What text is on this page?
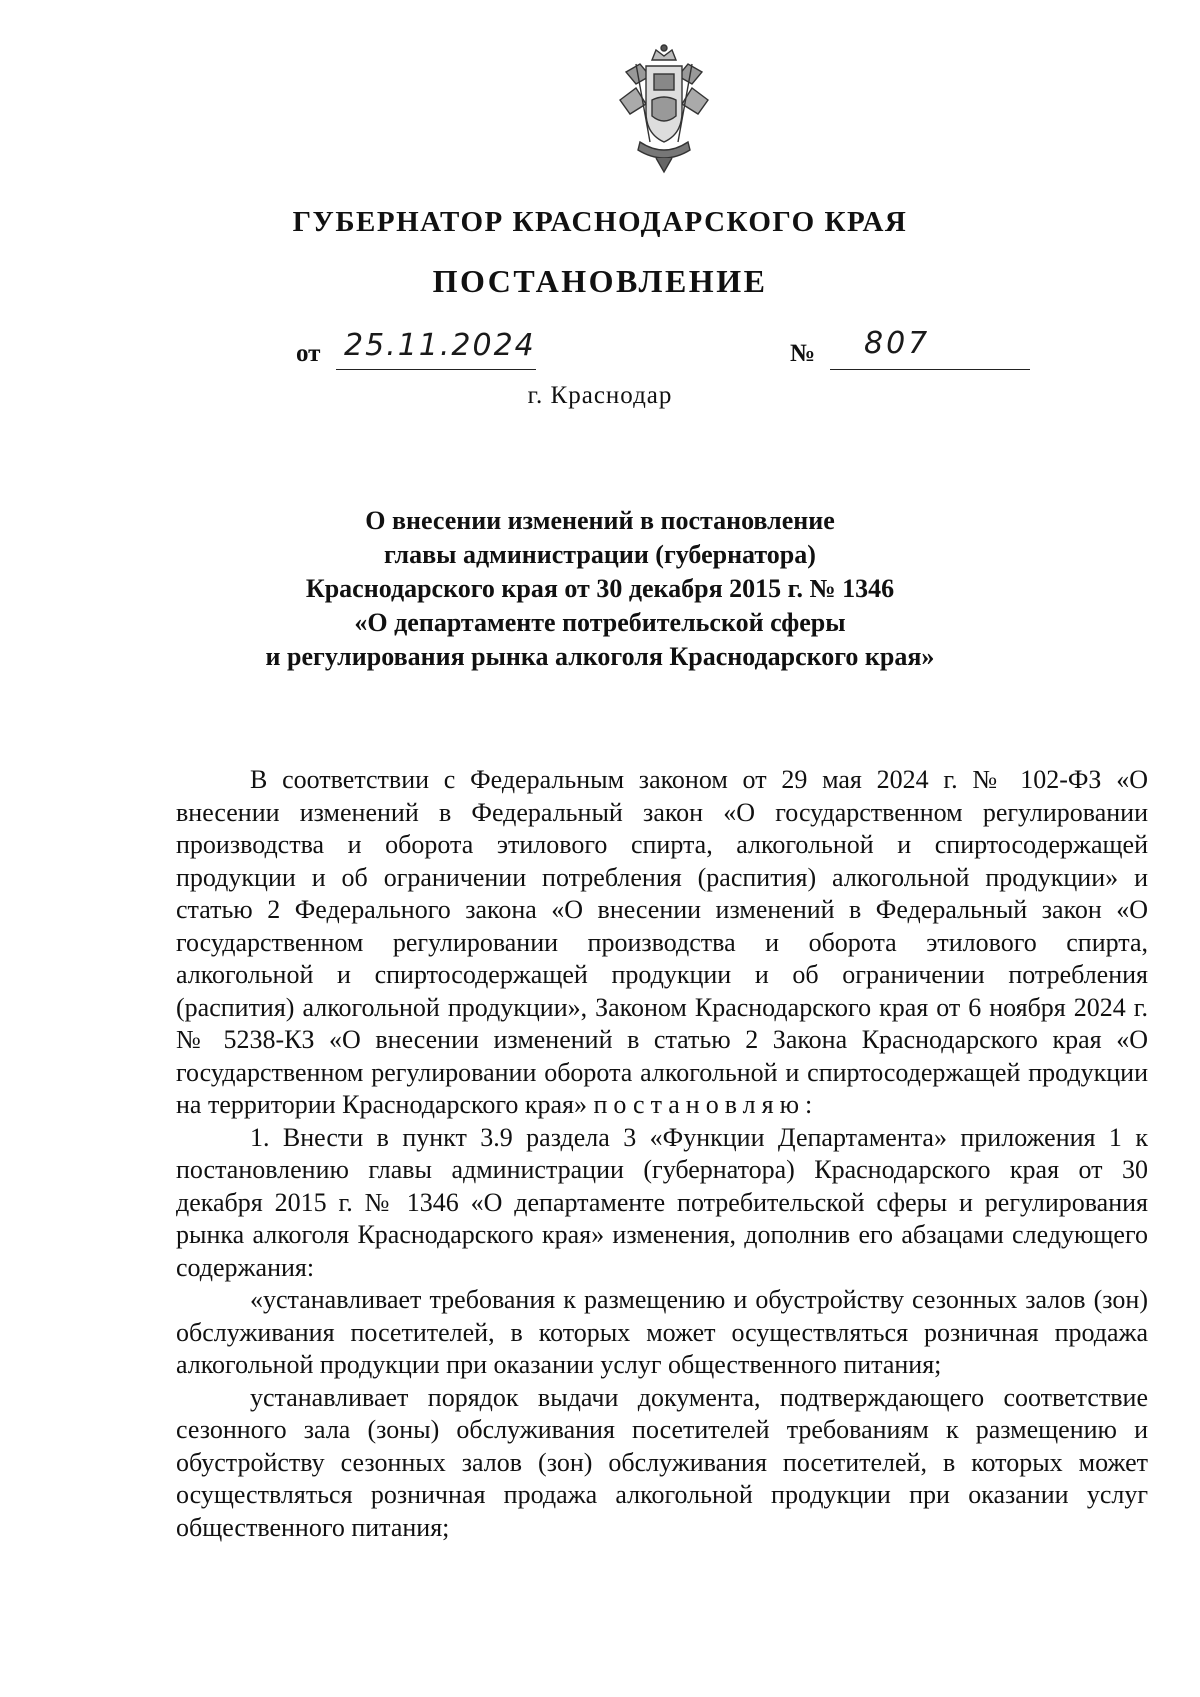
ГУБЕРНАТОР КРАСНОДАРСКОГО КРАЯ
ПОСТАНОВЛЕНИЕ
от 25.11.2024	№ 807
г. Краснодар
О внесении изменений в постановление
главы администрации (губернатора)
Краснодарского края от 30 декабря 2015 г. № 1346
«О департаменте потребительской сферы
и регулирования рынка алкоголя Краснодарского края»

В соответствии с Федеральным законом от 29 мая 2024 г. № 102-ФЗ «О внесении изменений в Федеральный закон «О государственном регулировании производства и оборота этилового спирта, алкогольной и спиртосодержащей продукции и об ограничении потребления (распития) алкогольной продукции» и статью 2 Федерального закона «О внесении изменений в Федеральный закон «О государственном регулировании производства и оборота этилового спирта, алкогольной и спиртосодержащей продукции и об ограничении потребления (распития) алкогольной продукции», Законом Краснодарского края от 6 ноября 2024 г. № 5238-КЗ «О внесении изменений в статью 2 Закона Краснодарского края «О государственном регулировании оборота алкогольной и спиртосодержащей продукции на территории Краснодарского края» постановляю:

1. Внести в пункт 3.9 раздела 3 «Функции Департамента» приложения 1 к постановлению главы администрации (губернатора) Краснодарского края от 30 декабря 2015 г. № 1346 «О департаменте потребительской сферы и регулирования рынка алкоголя Краснодарского края» изменения, дополнив его абзацами следующего содержания:

«устанавливает требования к размещению и обустройству сезонных залов (зон) обслуживания посетителей, в которых может осуществляться розничная продажа алкогольной продукции при оказании услуг общественного питания;

устанавливает порядок выдачи документа, подтверждающего соответствие сезонного зала (зоны) обслуживания посетителей требованиям к размещению и обустройству сезонных залов (зон) обслуживания посетителей, в которых может осуществляться розничная продажа алкогольной продукции при оказании услуг общественного питания;
